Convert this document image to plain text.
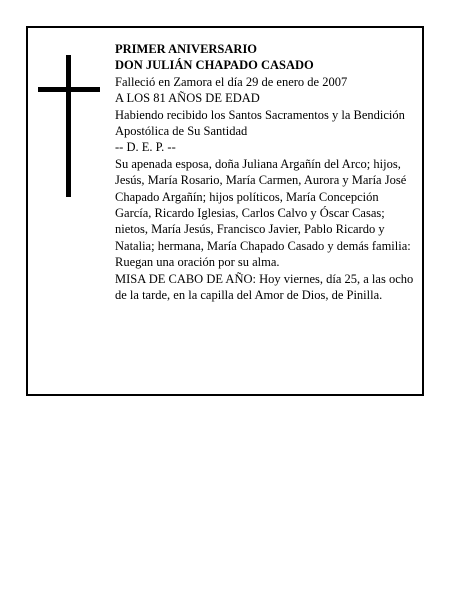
PRIMER ANIVERSARIO

DON JULIÁN CHAPADO CASADO

Falleció en Zamora el día 29 de enero de 2007

A LOS 81 AÑOS DE EDAD

Habiendo recibido los Santos Sacramentos y la Bendición Apostólica de Su Santidad

-- D. E. P. --

Su apenada esposa, doña Juliana Argañín del Arco; hijos, Jesús, María Rosario, María Carmen, Aurora y María José Chapado Argañín; hijos políticos, María Concepción García, Ricardo Iglesias, Carlos Calvo y Óscar Casas; nietos, María Jesús, Francisco Javier, Pablo Ricardo y Natalia; hermana, María Chapado Casado y demás familia:

Ruegan una oración por su alma.

MISA DE CABO DE AÑO: Hoy viernes, día 25, a las ocho de la tarde, en la capilla del Amor de Dios, de Pinilla.
